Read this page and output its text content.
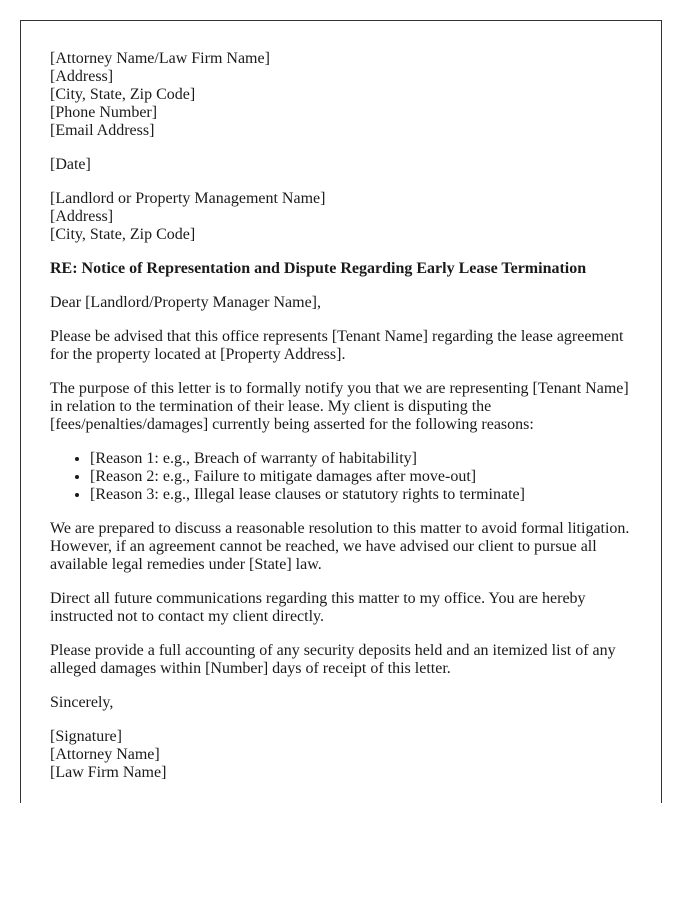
[Attorney Name/Law Firm Name]
[Address]
[City, State, Zip Code]
[Phone Number]
[Email Address]

[Date]

[Landlord or Property Management Name]
[Address]
[City, State, Zip Code]

RE: Notice of Representation and Dispute Regarding Early Lease Termination

Dear [Landlord/Property Manager Name],

Please be advised that this office represents [Tenant Name] regarding the lease agreement for the property located at [Property Address].

The purpose of this letter is to formally notify you that we are representing [Tenant Name] in relation to the termination of their lease. My client is disputing the [fees/penalties/damages] currently being asserted for the following reasons:

• [Reason 1: e.g., Breach of warranty of habitability]
• [Reason 2: e.g., Failure to mitigate damages after move-out]
• [Reason 3: e.g., Illegal lease clauses or statutory rights to terminate]

We are prepared to discuss a reasonable resolution to this matter to avoid formal litigation. However, if an agreement cannot be reached, we have advised our client to pursue all available legal remedies under [State] law.

Direct all future communications regarding this matter to my office. You are hereby instructed not to contact my client directly.

Please provide a full accounting of any security deposits held and an itemized list of any alleged damages within [Number] days of receipt of this letter.

Sincerely,

[Signature]
[Attorney Name]
[Law Firm Name]
